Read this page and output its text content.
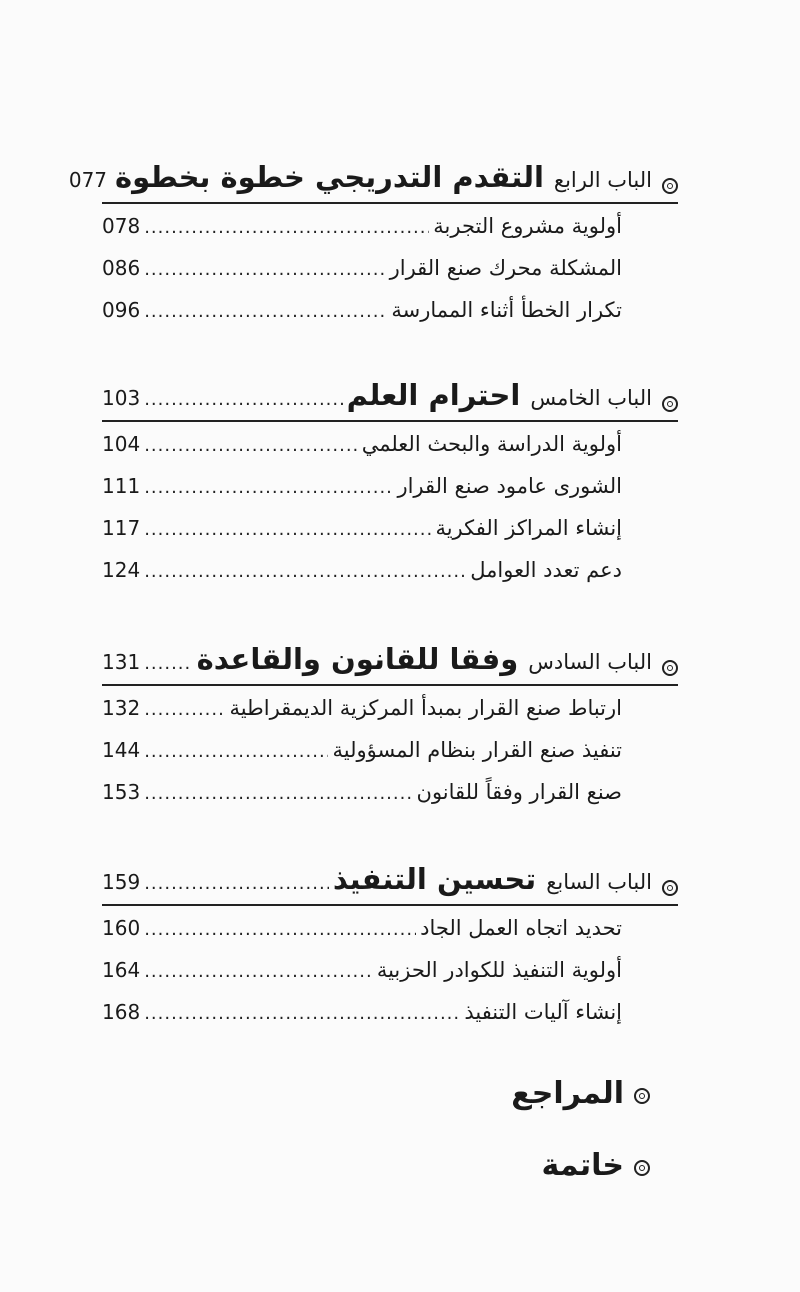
الباب الرابع
التقدم التدريجي خطوة بخطوة
077
أولوية مشروع التجربة
.....
078
المشكلة محرك صنع القرار
.....
086
تكرار الخطأ أثناء الممارسة
.....
096
الباب الخامس
احترام العلم
.....
103
أولوية الدراسة والبحث العلمي
.....
104
الشورى عامود صنع القرار
.....
111
إنشاء المراكز الفكرية
.....
117
دعم تعدد العوامل
.....
124
الباب السادس
وفقا للقانون والقاعدة
.....
131
ارتباط صنع القرار بمبدأ المركزية الديمقراطية
.....
132
تنفيذ صنع القرار بنظام المسؤولية
.....
144
صنع القرار وفقاً للقانون
.....
153
الباب السابع
تحسين التنفيذ
.....
159
تحديد اتجاه العمل الجاد
.....
160
أولوية التنفيذ للكوادر الحزبية
.....
164
إنشاء آليات التنفيذ
.....
168
المراجع
خاتمة
